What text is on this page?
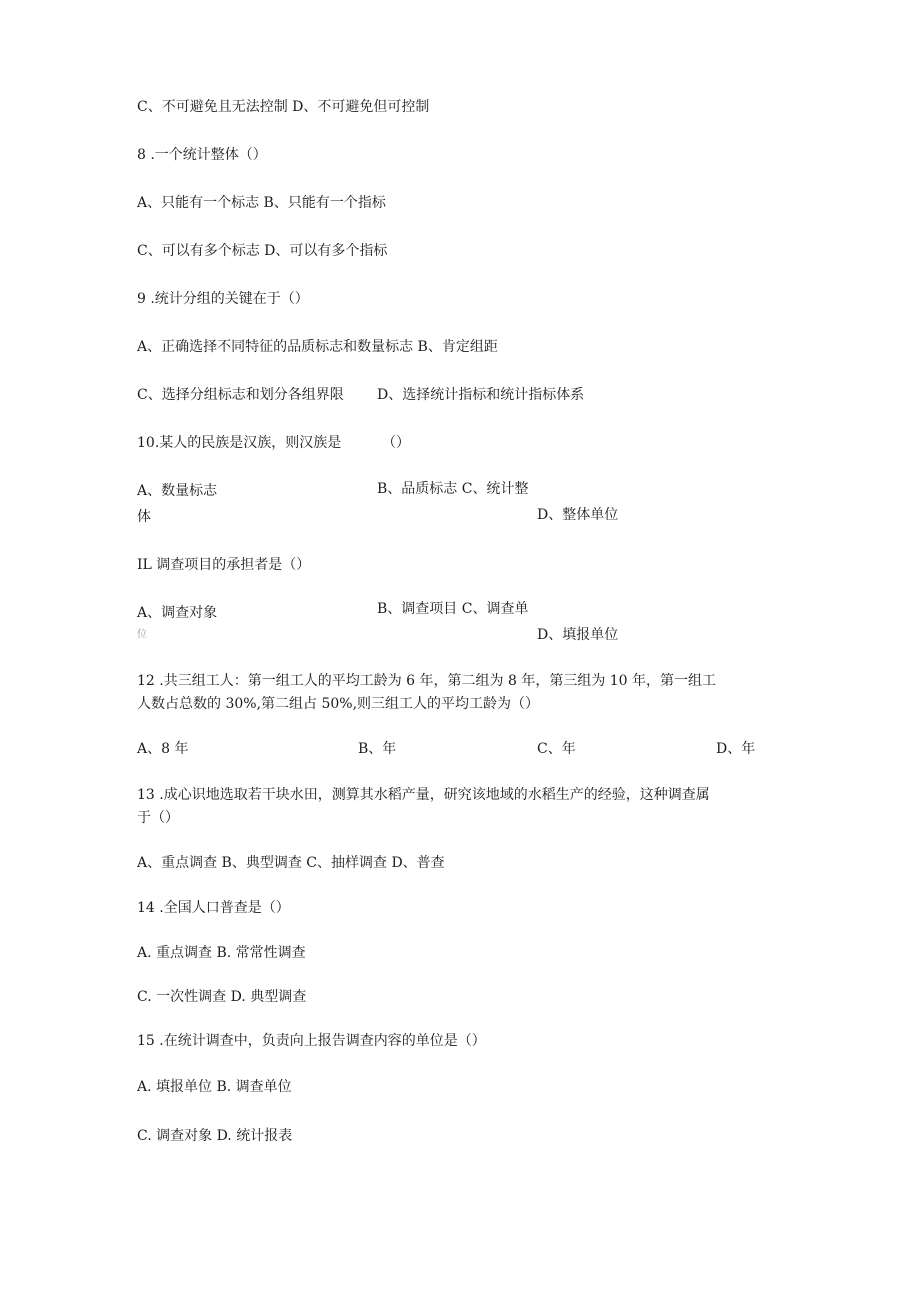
C、不可避免且无法控制 D、不可避免但可控制
8 .一个统计整体（）
A、只能有一个标志 B、只能有一个指标
C、可以有多个标志 D、可以有多个指标
9 .统计分组的关键在于（）
A、正确选择不同特征的品质标志和数量标志 B、肯定组距
C、选择分组标志和划分各组界限 D、选择统计指标和统计指标体系
10.某人的民族是汉族，则汉族是	（）
A、数量标志	B、品质标志 C、统计整
体	D、整体单位
IL 调查项目的承担者是（）
A、调查对象	B、调查项目 C、调查单
位	D、填报单位
12 .共三组工人：第一组工人的平均工龄为 6 年，第二组为 8 年，第三组为 10 年，第一组工
人数占总数的 30%,第二组占 50%,则三组工人的平均工龄为（）
A、8 年	B、年	C、年	D、年
13 .成心识地选取若干块水田，测算其水稻产量，研究该地域的水稻生产的经验，这种调查属
于（）
A、重点调查 B、典型调查 C、抽样调查 D、普查
14 .全国人口普查是（）
A. 重点调查 B. 常常性调查
C. 一次性调查 D. 典型调查
15 .在统计调查中，负责向上报告调查内容的单位是（）
A. 填报单位 B. 调查单位
C. 调查对象 D. 统计报表
